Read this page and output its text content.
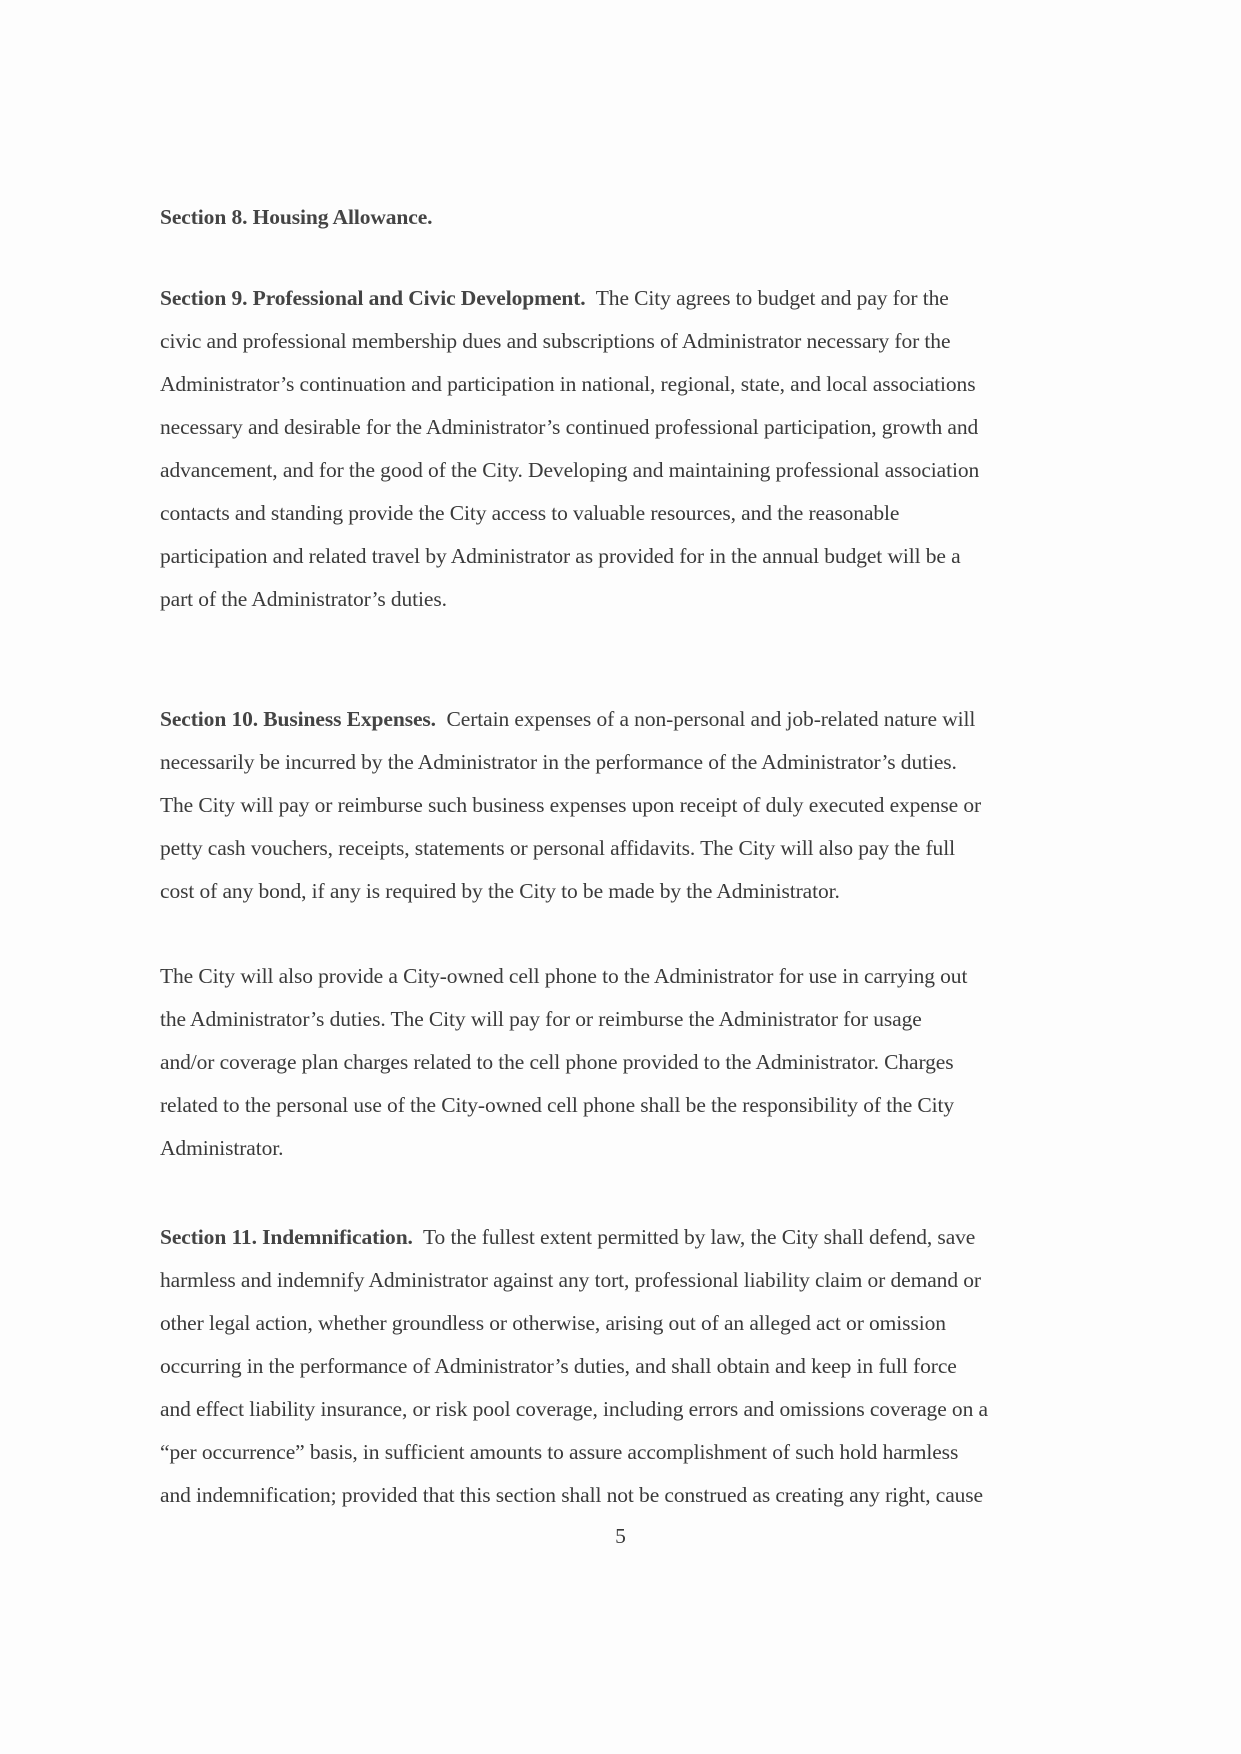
Section 8. Housing Allowance.
Section 9. Professional and Civic Development. The City agrees to budget and pay for the
civic and professional membership dues and subscriptions of Administrator necessary for the
Administrator’s continuation and participation in national, regional, state, and local associations
necessary and desirable for the Administrator’s continued professional participation, growth and
advancement, and for the good of the City. Developing and maintaining professional association
contacts and standing provide the City access to valuable resources, and the reasonable
participation and related travel by Administrator as provided for in the annual budget will be a
part of the Administrator’s duties.
Section 10. Business Expenses. Certain expenses of a non-personal and job-related nature will
necessarily be incurred by the Administrator in the performance of the Administrator’s duties.
The City will pay or reimburse such business expenses upon receipt of duly executed expense or
petty cash vouchers, receipts, statements or personal affidavits. The City will also pay the full
cost of any bond, if any is required by the City to be made by the Administrator.
The City will also provide a City-owned cell phone to the Administrator for use in carrying out
the Administrator’s duties. The City will pay for or reimburse the Administrator for usage
and/or coverage plan charges related to the cell phone provided to the Administrator. Charges
related to the personal use of the City-owned cell phone shall be the responsibility of the City
Administrator.
Section 11. Indemnification. To the fullest extent permitted by law, the City shall defend, save
harmless and indemnify Administrator against any tort, professional liability claim or demand or
other legal action, whether groundless or otherwise, arising out of an alleged act or omission
occurring in the performance of Administrator’s duties, and shall obtain and keep in full force
and effect liability insurance, or risk pool coverage, including errors and omissions coverage on a
“per occurrence” basis, in sufficient amounts to assure accomplishment of such hold harmless
and indemnification; provided that this section shall not be construed as creating any right, cause
5
